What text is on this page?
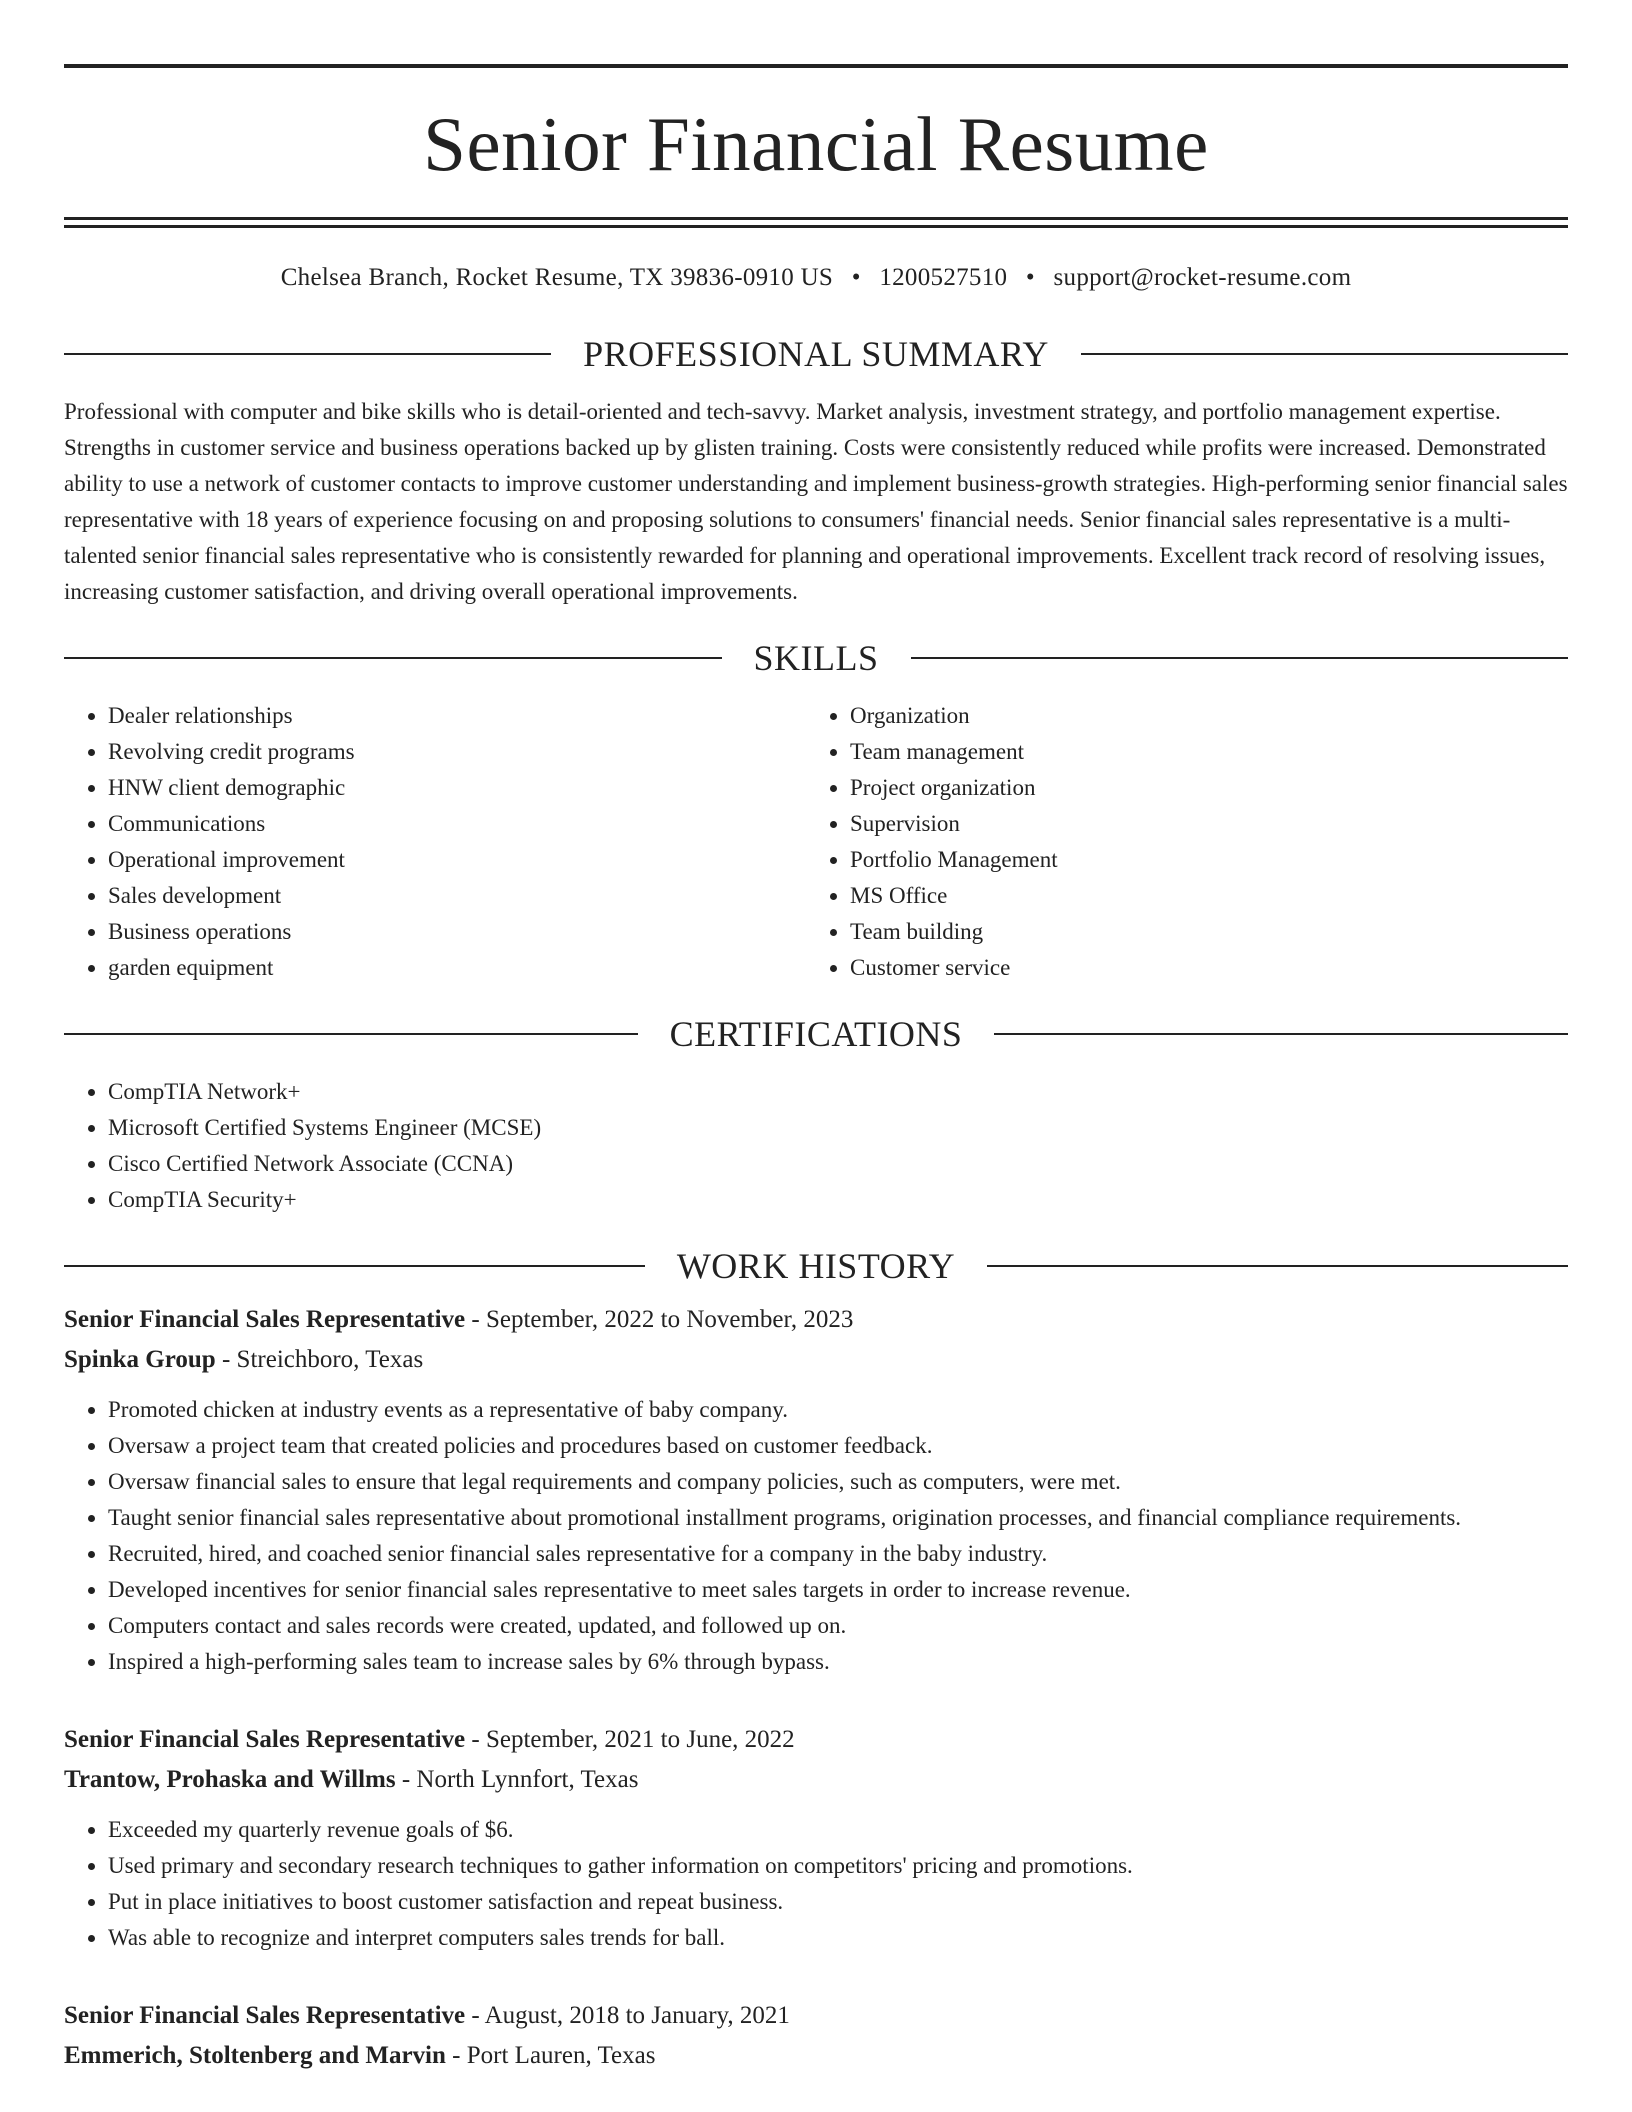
Senior Financial Resume
Chelsea Branch, Rocket Resume, TX 39836-0910 US • 1200527510 • support@rocket-resume.com
PROFESSIONAL SUMMARY
Professional with computer and bike skills who is detail-oriented and tech-savvy. Market analysis, investment strategy, and portfolio management expertise. Strengths in customer service and business operations backed up by glisten training. Costs were consistently reduced while profits were increased. Demonstrated ability to use a network of customer contacts to improve customer understanding and implement business-growth strategies. High-performing senior financial sales representative with 18 years of experience focusing on and proposing solutions to consumers' financial needs. Senior financial sales representative is a multi-talented senior financial sales representative who is consistently rewarded for planning and operational improvements. Excellent track record of resolving issues, increasing customer satisfaction, and driving overall operational improvements.
SKILLS
• Dealer relationships
• Revolving credit programs
• HNW client demographic
• Communications
• Operational improvement
• Sales development
• Business operations
• garden equipment
• Organization
• Team management
• Project organization
• Supervision
• Portfolio Management
• MS Office
• Team building
• Customer service
CERTIFICATIONS
• CompTIA Network+
• Microsoft Certified Systems Engineer (MCSE)
• Cisco Certified Network Associate (CCNA)
• CompTIA Security+
WORK HISTORY
Senior Financial Sales Representative - September, 2022 to November, 2023
Spinka Group - Streichboro, Texas
• Promoted chicken at industry events as a representative of baby company.
• Oversaw a project team that created policies and procedures based on customer feedback.
• Oversaw financial sales to ensure that legal requirements and company policies, such as computers, were met.
• Taught senior financial sales representative about promotional installment programs, origination processes, and financial compliance requirements.
• Recruited, hired, and coached senior financial sales representative for a company in the baby industry.
• Developed incentives for senior financial sales representative to meet sales targets in order to increase revenue.
• Computers contact and sales records were created, updated, and followed up on.
• Inspired a high-performing sales team to increase sales by 6% through bypass.
Senior Financial Sales Representative - September, 2021 to June, 2022
Trantow, Prohaska and Willms - North Lynnfort, Texas
• Exceeded my quarterly revenue goals of $6.
• Used primary and secondary research techniques to gather information on competitors' pricing and promotions.
• Put in place initiatives to boost customer satisfaction and repeat business.
• Was able to recognize and interpret computers sales trends for ball.
Senior Financial Sales Representative - August, 2018 to January, 2021
Emmerich, Stoltenberg and Marvin - Port Lauren, Texas
